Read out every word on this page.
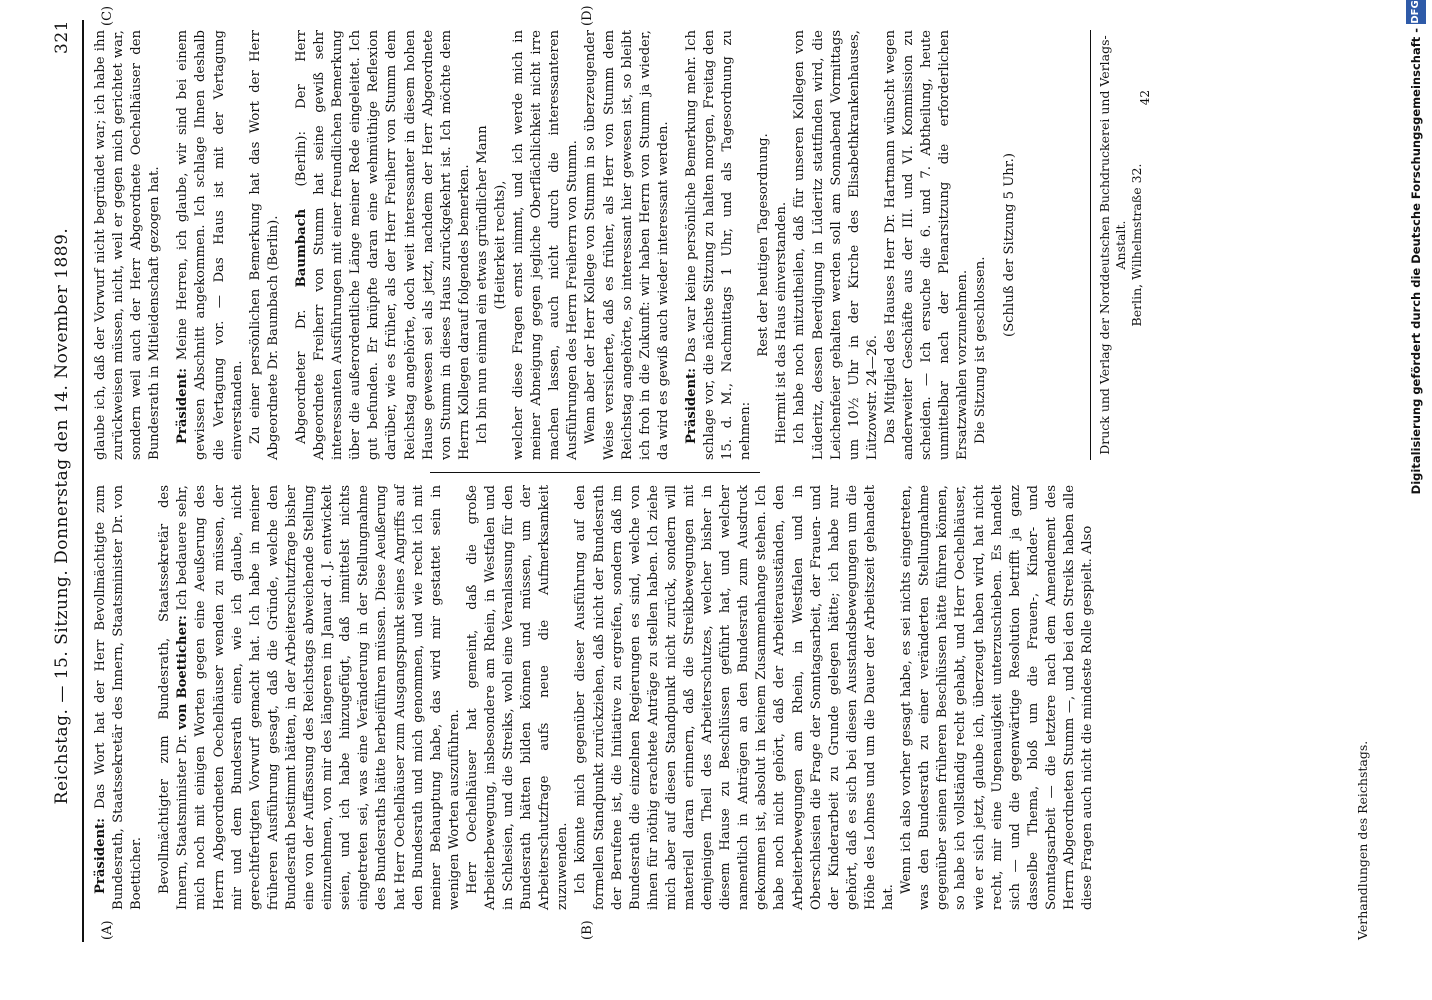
Reichstag. — 15. Sitzung. Donnerstag den 14. November 1889.
321
(A)	(B)
(C)	(D)

Präsident: Das Wort hat der Herr Bevollmächtigte zum Bundesrath, Staatssekretär des Innern, Staatsminister Dr. von Boetticher. Bevollmächtigter zum Bundesrath, Staatssekretär des Innern, Staatsminister Dr. von Boetticher: Ich bedauere sehr, mich noch mit einigen Worten gegen eine Aeußerung des Herrn Abgeordneten Oechelhäuser wenden zu müssen, der mir und dem Bundesrath einen, wie ich glaube, nicht gerechtfertigten Vorwurf gemacht hat. Ich habe in meiner früheren Ausführung gesagt, daß die Gründe, welche den Bundesrath bestimmt hätten, in der Arbeiterschutzfrage bisher eine von der Auffassung des Reichstags abweichende Stellung einzunehmen, von mir des längeren im Januar d. J. entwickelt seien, und ich habe hinzugefügt, daß inmittelst nichts eingetreten sei, was eine Veränderung in der Stellungnahme des Bundesraths hätte herbeiführen müssen. Diese Aeußerung hat Herr Oechelhäuser zum Ausgangspunkt seines Angriffs auf den Bundesrath und mich genommen, und wie recht ich mit meiner Behauptung habe, das wird mir gestattet sein in wenigen Worten auszuführen. Herr Oechelhäuser hat gemeint, daß die große Arbeiterbewegung, insbesondere am Rhein, in Westfalen und in Schlesien, und die Streiks, wohl eine Veranlassung für den Bundesrath hätten bilden können und müssen, um der Arbeiterschutzfrage aufs neue die Aufmerksamkeit zuzuwenden. Ich könnte mich gegenüber dieser Ausführung auf den formellen Standpunkt zurückziehen, daß nicht der Bundesrath der Berufene ist, die Initiative zu ergreifen, sondern daß im Bundesrath die einzelnen Regierungen es sind, welche von ihnen für nöthig erachtete Anträge zu stellen haben. Ich ziehe mich aber auf diesen Standpunkt nicht zurück, sondern will materiell daran erinnern, daß die Streikbewegungen mit demjenigen Theil des Arbeiterschutzes, welcher bisher in diesem Hause zu Beschlüssen geführt hat, und welcher namentlich in Anträgen an den Bundesrath zum Ausdruck gekommen ist, absolut in keinem Zusammenhange stehen. Ich habe noch nicht gehört, daß der Arbeiterausständen, den Arbeiterbewegungen am Rhein, in Westfalen und in Oberschlesien die Frage der Sonntagsarbeit, der Frauen- und der Kinderarbeit zu Grunde gelegen hätte; ich habe nur gehört, daß es sich bei diesen Ausstandsbewegungen um die Höhe des Lohnes und um die Dauer der Arbeitszeit gehandelt hat.

Wenn ich also vorher gesagt habe, es sei nichts eingetreten, was den Bundesrath zu einer veränderten Stellungnahme gegenüber seinen früheren Beschlüssen hätte führen können, so habe ich vollständig recht gehabt, und Herr Oechelhäuser, wie er sich jetzt, glaube ich, überzeugt haben wird, hat nicht recht, mir eine Ungenauigkeit unterzuschieben. Es handelt sich — und die gegenwärtige Resolution betrifft ja ganz dasselbe Thema, bloß um die Frauen-, Kinder- und Sonntagsarbeit — die letztere nach dem Amendement des Herrn Abgeordneten Stumm —, und bei den Streiks haben alle diese Fragen auch nicht die mindeste Rolle gespielt. Also

glaube ich, daß der Vorwurf nicht begründet war; ich habe ihn zurückweisen müssen, nicht, weil er gegen mich gerichtet war, sondern weil auch der Herr Abgeordnete Oechelhäuser den Bundesrath in Mitleidenschaft gezogen hat. Präsident: Meine Herren, ich glaube, wir sind bei einem gewissen Abschnitt angekommen. Ich schlage Ihnen deshalb die Vertagung vor. — Das Haus ist mit der Vertagung einverstanden. Zu einer persönlichen Bemerkung hat das Wort der Herr Abgeordnete Dr. Baumbach (Berlin). Abgeordneter Dr. Baumbach (Berlin): Der Herr Abgeordnete Freiherr von Stumm hat seine gewiß sehr interessanten Ausführungen mit einer freundlichen Bemerkung über die außerordentliche Länge meiner Rede eingeleitet. Ich gut befunden. Er knüpfte daran eine wehmüthige Reflexion darüber, wie es früher, als der Herr Freiherr von Stumm dem Reichstag angehörte, doch weit interessanter in diesem hohen Hause gewesen sei als jetzt, nachdem der Herr Abgeordnete von Stumm in dieses Haus zurückgekehrt ist. Ich möchte dem Herrn Kollegen darauf folgendes bemerken. Ich bin nun einmal ein etwas gründlicher Mann (Heiterkeit rechts), welcher diese Fragen ernst nimmt, und ich werde mich in meiner Abneigung gegen jegliche Oberflächlichkeit nicht irre machen lassen, auch nicht durch die interessanteren Ausführungen des Herrn Freiherrn von Stumm. Wenn aber der Herr Kollege von Stumm in so überzeugender Weise versicherte, daß es früher, als Herr von Stumm dem Reichstag angehörte, so interessant hier gewesen ist, so bleibt ich froh in die Zukunft: wir haben Herrn von Stumm ja wieder, da wird es gewiß auch wieder interessant werden. Präsident: Das war keine persönliche Bemerkung mehr. Ich schlage vor, die nächste Sitzung zu halten morgen, Freitag den 15. d. M., Nachmittags 1 Uhr, und als Tagesordnung zu nehmen:

Rest der heutigen Tagesordnung. Hiermit ist das Haus einverstanden. Ich habe noch mitzutheilen, daß für unseren Kollegen von Lüderitz, dessen Beerdigung in Lüderitz stattfinden wird, die Leichenfeier gehalten werden soll am Sonnabend Vormittags um 10½ Uhr in der Kirche des Elisabethkrankenhauses, Lützowstr. 24—26. Das Mitglied des Hauses Herr Dr. Hartmann wünscht wegen anderweiter Geschäfte aus der III. und VI. Kommission zu scheiden. — Ich ersuche die 6. und 7. Abtheilung, heute unmittelbar nach der Plenarsitzung die erforderlichen Ersatzwahlen vorzunehmen. Die Sitzung ist geschlossen.

(Schluß der Sitzung 5 Uhr.)

Verhandlungen des Reichstags.

Druck und Verlag der Norddeutschen Buchdruckerei und Verlags-Anstalt. Berlin, Wilhelmstraße 32.

42	Digitalisierung gefördert durch die Deutsche Forschungsgemeinschaft -
DFG
